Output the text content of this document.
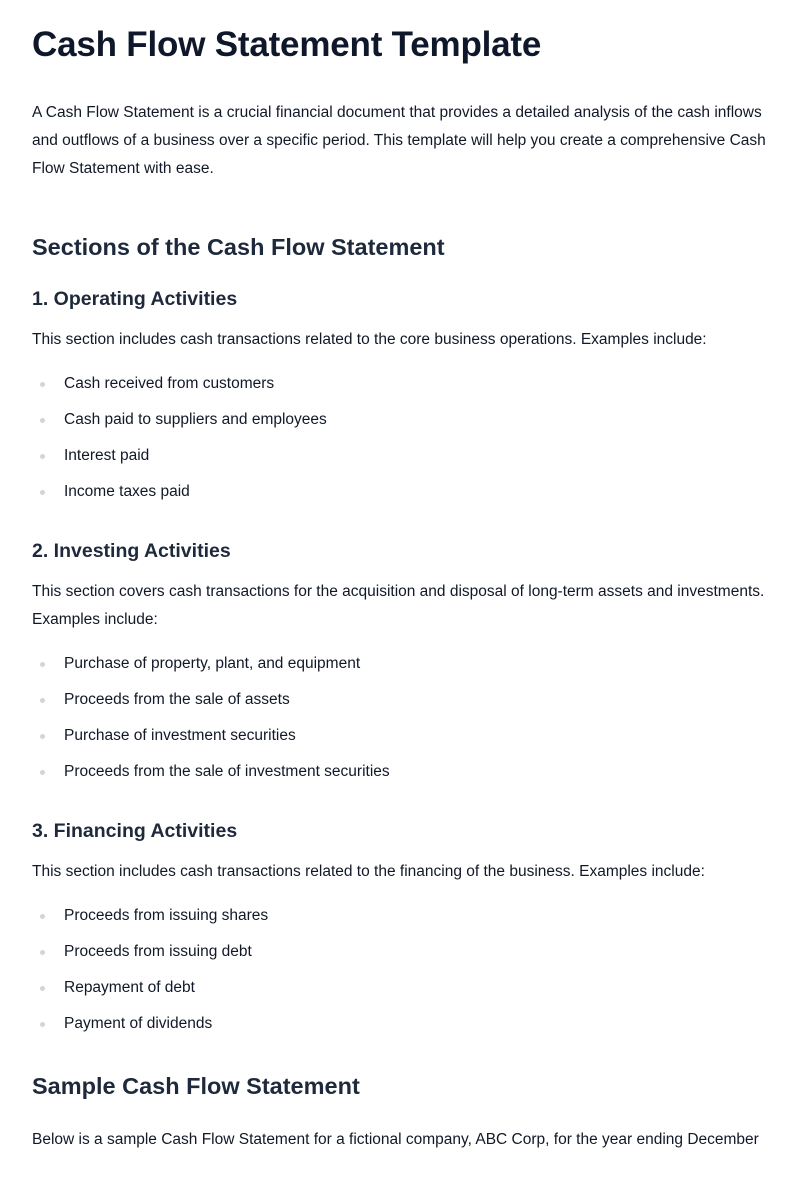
Cash Flow Statement Template

A Cash Flow Statement is a crucial financial document that provides a detailed analysis of the cash inflows and outflows of a business over a specific period. This template will help you create a comprehensive Cash Flow Statement with ease.

Sections of the Cash Flow Statement
1. Operating Activities

This section includes cash transactions related to the core business operations. Examples include:

Cash received from customers
Cash paid to suppliers and employees
Interest paid
Income taxes paid
2. Investing Activities

This section covers cash transactions for the acquisition and disposal of long-term assets and investments. Examples include:

Purchase of property, plant, and equipment
Proceeds from the sale of assets
Purchase of investment securities
Proceeds from the sale of investment securities
3. Financing Activities

This section includes cash transactions related to the financing of the business. Examples include:

Proceeds from issuing shares
Proceeds from issuing debt
Repayment of debt
Payment of dividends
Sample Cash Flow Statement

Below is a sample Cash Flow Statement for a fictional company, ABC Corp, for the year ending December
